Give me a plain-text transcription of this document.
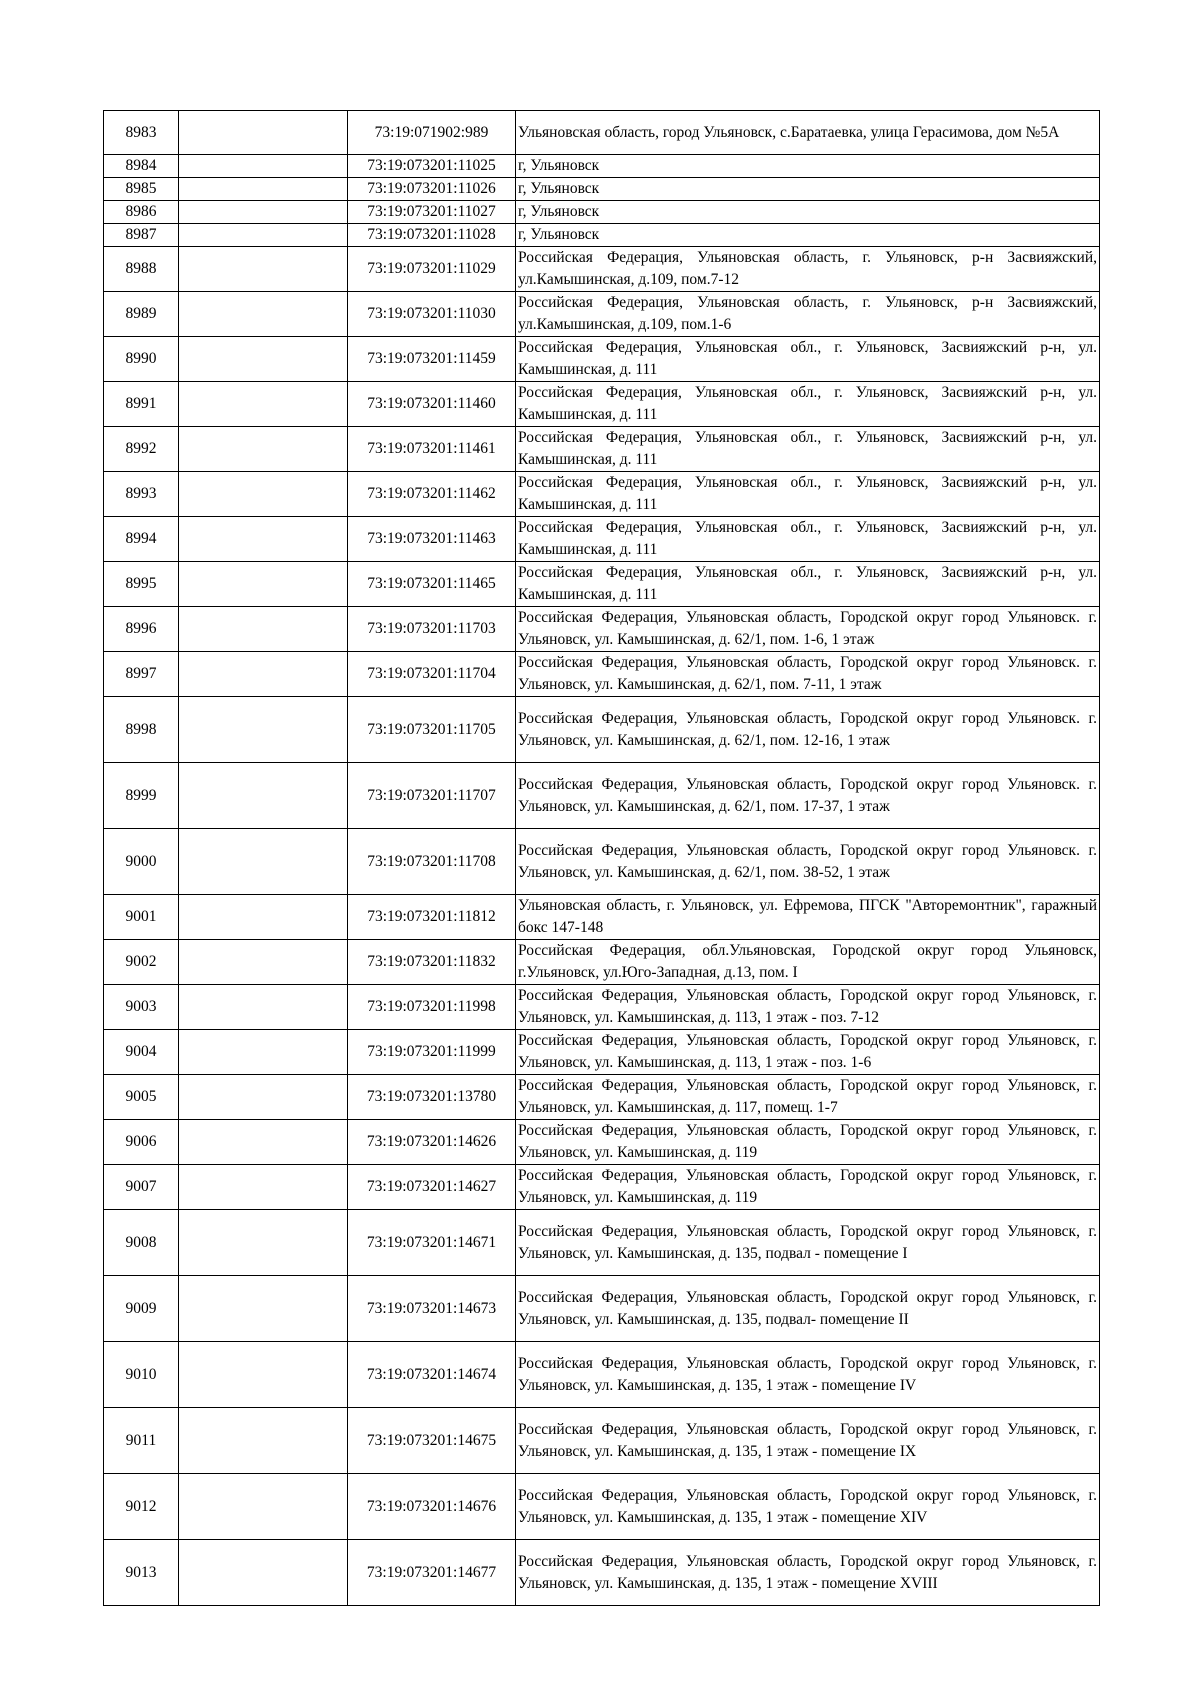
8983		73:19:071902:989	Ульяновская область, город Ульяновск, с.Баратаевка, улица Герасимова, дом №5А
8984		73:19:073201:11025	г, Ульяновск
8985		73:19:073201:11026	г, Ульяновск
8986		73:19:073201:11027	г, Ульяновск
8987		73:19:073201:11028	г, Ульяновск
8988		73:19:073201:11029	Российская Федерация, Ульяновская область, г. Ульяновск, р-н Засвияжский, ул.Камышинская, д.109, пом.7-12
8989		73:19:073201:11030	Российская Федерация, Ульяновская область, г. Ульяновск, р-н Засвияжский, ул.Камышинская, д.109, пом.1-6
8990		73:19:073201:11459	Российская Федерация, Ульяновская обл., г. Ульяновск, Засвияжский р-н, ул. Камышинская, д. 111
8991		73:19:073201:11460	Российская Федерация, Ульяновская обл., г. Ульяновск, Засвияжский р-н, ул. Камышинская, д. 111
8992		73:19:073201:11461	Российская Федерация, Ульяновская обл., г. Ульяновск, Засвияжский р-н, ул. Камышинская, д. 111
8993		73:19:073201:11462	Российская Федерация, Ульяновская обл., г. Ульяновск, Засвияжский р-н, ул. Камышинская, д. 111
8994		73:19:073201:11463	Российская Федерация, Ульяновская обл., г. Ульяновск, Засвияжский р-н, ул. Камышинская, д. 111
8995		73:19:073201:11465	Российская Федерация, Ульяновская обл., г. Ульяновск, Засвияжский р-н, ул. Камышинская, д. 111
8996		73:19:073201:11703	Российская Федерация, Ульяновская область, Городской округ город Ульяновск. г. Ульяновск, ул. Камышинская, д. 62/1, пом. 1-6, 1 этаж
8997		73:19:073201:11704	Российская Федерация, Ульяновская область, Городской округ город Ульяновск. г. Ульяновск, ул. Камышинская, д. 62/1, пом. 7-11, 1 этаж
8998		73:19:073201:11705	Российская Федерация, Ульяновская область, Городской округ город Ульяновск. г. Ульяновск, ул. Камышинская, д. 62/1, пом. 12-16, 1 этаж
8999		73:19:073201:11707	Российская Федерация, Ульяновская область, Городской округ город Ульяновск. г. Ульяновск, ул. Камышинская, д. 62/1, пом. 17-37, 1 этаж
9000		73:19:073201:11708	Российская Федерация, Ульяновская область, Городской округ город Ульяновск. г. Ульяновск, ул. Камышинская, д. 62/1, пом. 38-52, 1 этаж
9001		73:19:073201:11812	Ульяновская область, г. Ульяновск, ул. Ефремова, ПГСК "Авторемонтник", гаражный бокс 147-148
9002		73:19:073201:11832	Российская Федерация, обл.Ульяновская, Городской округ город Ульяновск, г.Ульяновск, ул.Юго-Западная, д.13, пом. I
9003		73:19:073201:11998	Российская Федерация, Ульяновская область, Городской округ город Ульяновск, г. Ульяновск, ул. Камышинская, д. 113, 1 этаж - поз. 7-12
9004		73:19:073201:11999	Российская Федерация, Ульяновская область, Городской округ город Ульяновск, г. Ульяновск, ул. Камышинская, д. 113, 1 этаж - поз. 1-6
9005		73:19:073201:13780	Российская Федерация, Ульяновская область, Городской округ город Ульяновск, г. Ульяновск, ул. Камышинская, д. 117, помещ. 1-7
9006		73:19:073201:14626	Российская Федерация, Ульяновская область, Городской округ город Ульяновск, г. Ульяновск, ул. Камышинская, д. 119
9007		73:19:073201:14627	Российская Федерация, Ульяновская область, Городской округ город Ульяновск, г. Ульяновск, ул. Камышинская, д. 119
9008		73:19:073201:14671	Российская Федерация, Ульяновская область, Городской округ город Ульяновск, г. Ульяновск, ул. Камышинская, д. 135, подвал - помещение I
9009		73:19:073201:14673	Российская Федерация, Ульяновская область, Городской округ город Ульяновск, г. Ульяновск, ул. Камышинская, д. 135, подвал- помещение II
9010		73:19:073201:14674	Российская Федерация, Ульяновская область, Городской округ город Ульяновск, г. Ульяновск, ул. Камышинская, д. 135, 1 этаж - помещение IV
9011		73:19:073201:14675	Российская Федерация, Ульяновская область, Городской округ город Ульяновск, г. Ульяновск, ул. Камышинская, д. 135, 1 этаж - помещение IX
9012		73:19:073201:14676	Российская Федерация, Ульяновская область, Городской округ город Ульяновск, г. Ульяновск, ул. Камышинская, д. 135, 1 этаж - помещение XIV
9013		73:19:073201:14677	Российская Федерация, Ульяновская область, Городской округ город Ульяновск, г. Ульяновск, ул. Камышинская, д. 135, 1 этаж - помещение XVIII
